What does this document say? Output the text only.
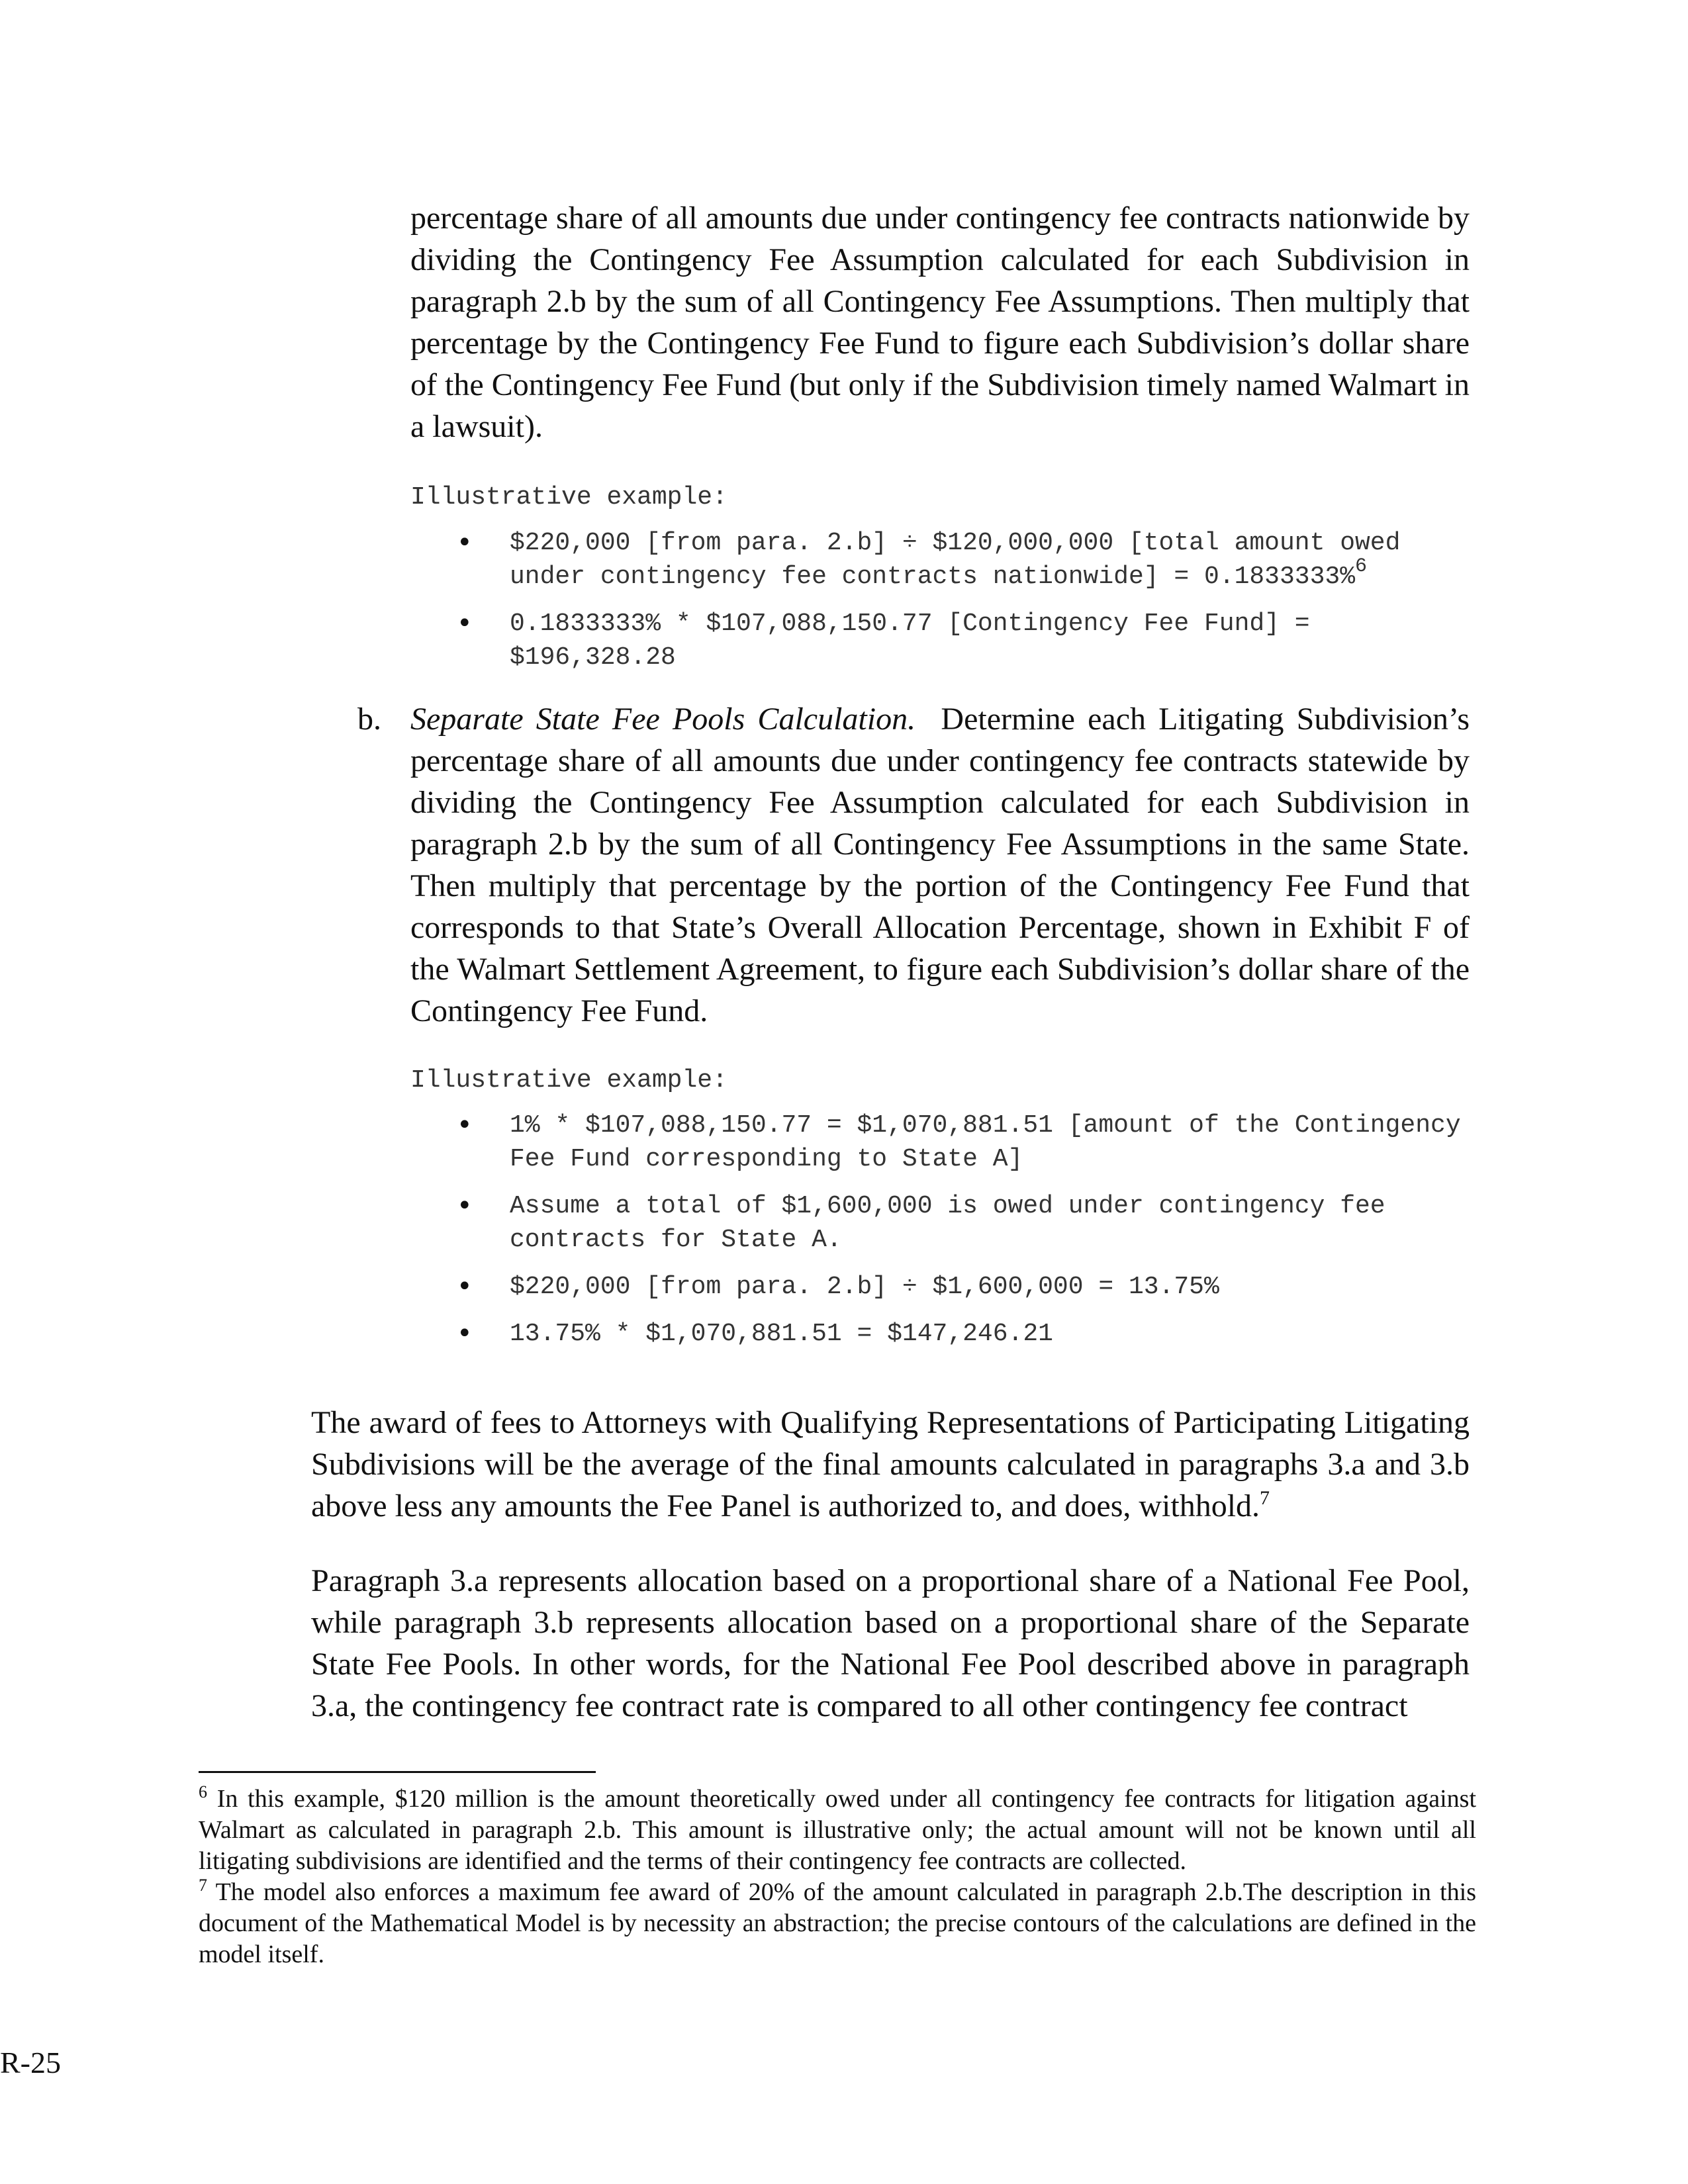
percentage share of all amounts due under contingency fee contracts nationwide by dividing the Contingency Fee Assumption calculated for each Subdivision in paragraph 2.b by the sum of all Contingency Fee Assumptions. Then multiply that percentage by the Contingency Fee Fund to figure each Subdivision’s dollar share of the Contingency Fee Fund (but only if the Subdivision timely named Walmart in a lawsuit).

Illustrative example:
• $220,000 [from para. 2.b] ÷ $120,000,000 [total amount owed under contingency fee contracts nationwide] = 0.1833333%$^6$
• 0.1833333% * $107,088,150.77 [Contingency Fee Fund] = $196,328.28
b. Separate State Fee Pools Calculation. Determine each Litigating Subdivision’s percentage share of all amounts due under contingency fee contracts statewide by dividing the Contingency Fee Assumption calculated for each Subdivision in paragraph 2.b by the sum of all Contingency Fee Assumptions in the same State. Then multiply that percentage by the portion of the Contingency Fee Fund that corresponds to that State’s Overall Allocation Percentage, shown in Exhibit F of the Walmart Settlement Agreement, to figure each Subdivision’s dollar share of the Contingency Fee Fund.
Illustrative example:
• 1% * $107,088,150.77 = $1,070,881.51 [amount of the Contingency Fee Fund corresponding to State A]
• Assume a total of $1,600,000 is owed under contingency fee contracts for State A.
• $220,000 [from para. 2.b] ÷ $1,600,000 = 13.75%
• 13.75% * $1,070,881.51 = $147,246.21

The award of fees to Attorneys with Qualifying Representations of Participating Litigating Subdivisions will be the average of the final amounts calculated in paragraphs 3.a and 3.b above less any amounts the Fee Panel is authorized to, and does, withhold.$^7$

Paragraph 3.a represents allocation based on a proportional share of a National Fee Pool, while paragraph 3.b represents allocation based on a proportional share of the Separate State Fee Pools. In other words, for the National Fee Pool described above in paragraph 3.a, the contingency fee contract rate is compared to all other contingency fee contract

$^6$ In this example, $120 million is the amount theoretically owed under all contingency fee contracts for litigation against Walmart as calculated in paragraph 2.b. This amount is illustrative only; the actual amount will not be known until all litigating subdivisions are identified and the terms of their contingency fee contracts are collected.

$^7$ The model also enforces a maximum fee award of 20% of the amount calculated in paragraph 2.b.The description in this document of the Mathematical Model is by necessity an abstraction; the precise contours of the calculations are defined in the model itself.

R-25
